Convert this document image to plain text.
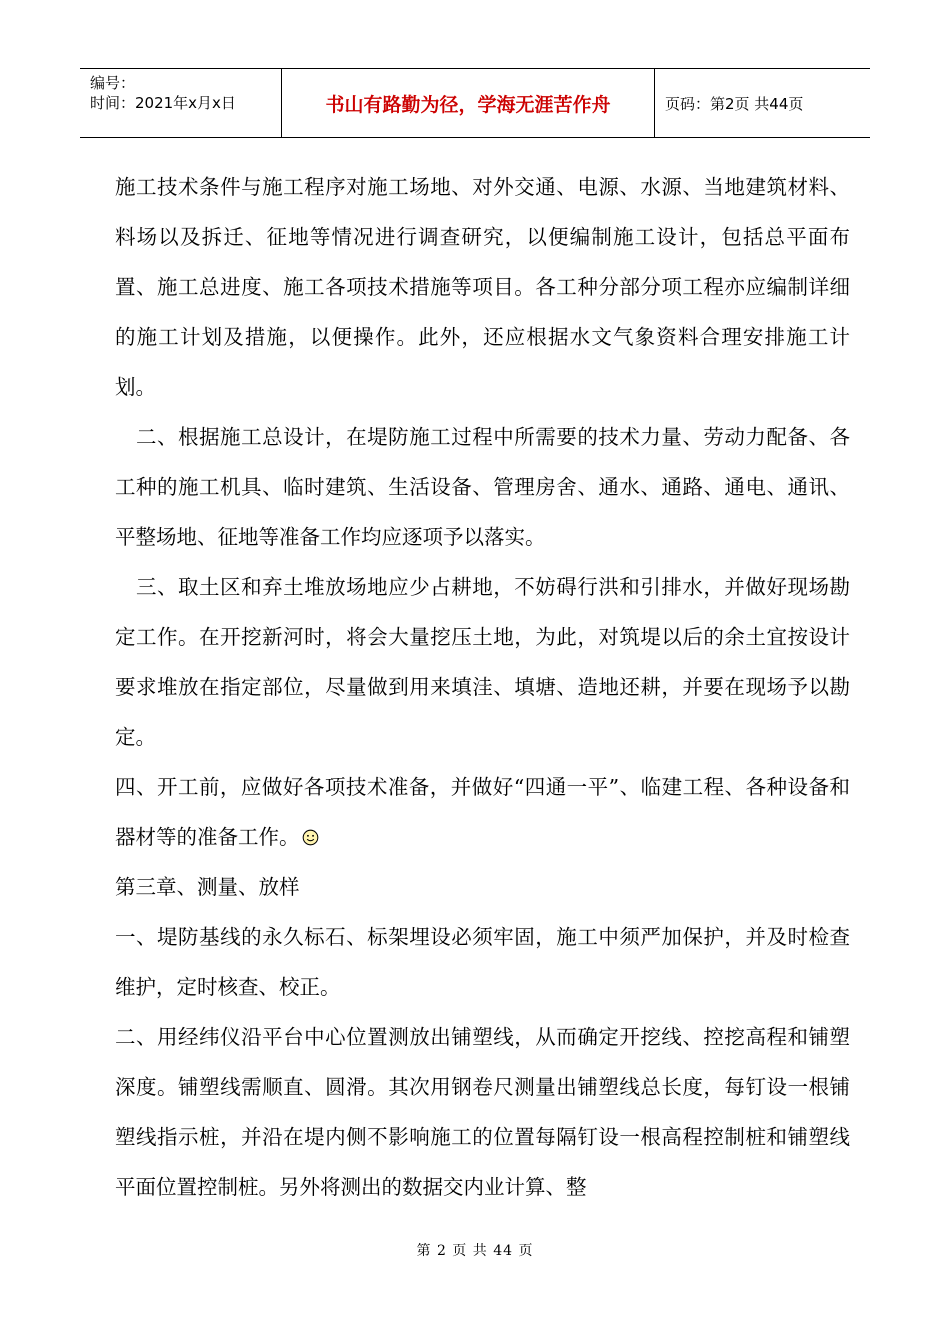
编号：
时间：2021年x月x日	书山有路勤为径，学海无涯苦作舟	页码：第2页 共44页

施工技术条件与施工程序对施工场地、对外交通、电源、水源、当地建筑材料、料场以及拆迁、征地等情况进行调查研究，以便编制施工设计，包括总平面布置、施工总进度、施工各项技术措施等项目。各工种分部分项工程亦应编制详细的施工计划及措施，以便操作。此外，还应根据水文气象资料合理安排施工计划。

二、根据施工总设计，在堤防施工过程中所需要的技术力量、劳动力配备、各工种的施工机具、临时建筑、生活设备、管理房舍、通水、通路、通电、通讯、平整场地、征地等准备工作均应逐项予以落实。

三、取土区和弃土堆放场地应少占耕地，不妨碍行洪和引排水，并做好现场勘定工作。在开挖新河时，将会大量挖压土地，为此，对筑堤以后的余土宜按设计要求堆放在指定部位，尽量做到用来填洼、填塘、造地还耕，并要在现场予以勘定。

四、开工前，应做好各项技术准备，并做好“四通一平”、临建工程、各种设备和器材等的准备工作。

第三章、测量、放样

一、堤防基线的永久标石、标架埋设必须牢固，施工中须严加保护，并及时检查维护，定时核查、校正。

二、用经纬仪沿平台中心位置测放出铺塑线，从而确定开挖线、控挖高程和铺塑深度。铺塑线需顺直、圆滑。其次用钢卷尺测量出铺塑线总长度，每钉设一根铺塑线指示桩，并沿在堤内侧不影响施工的位置每隔钉设一根高程控制桩和铺塑线平面位置控制桩。另外将测出的数据交内业计算、整

第 2 页 共 44 页
